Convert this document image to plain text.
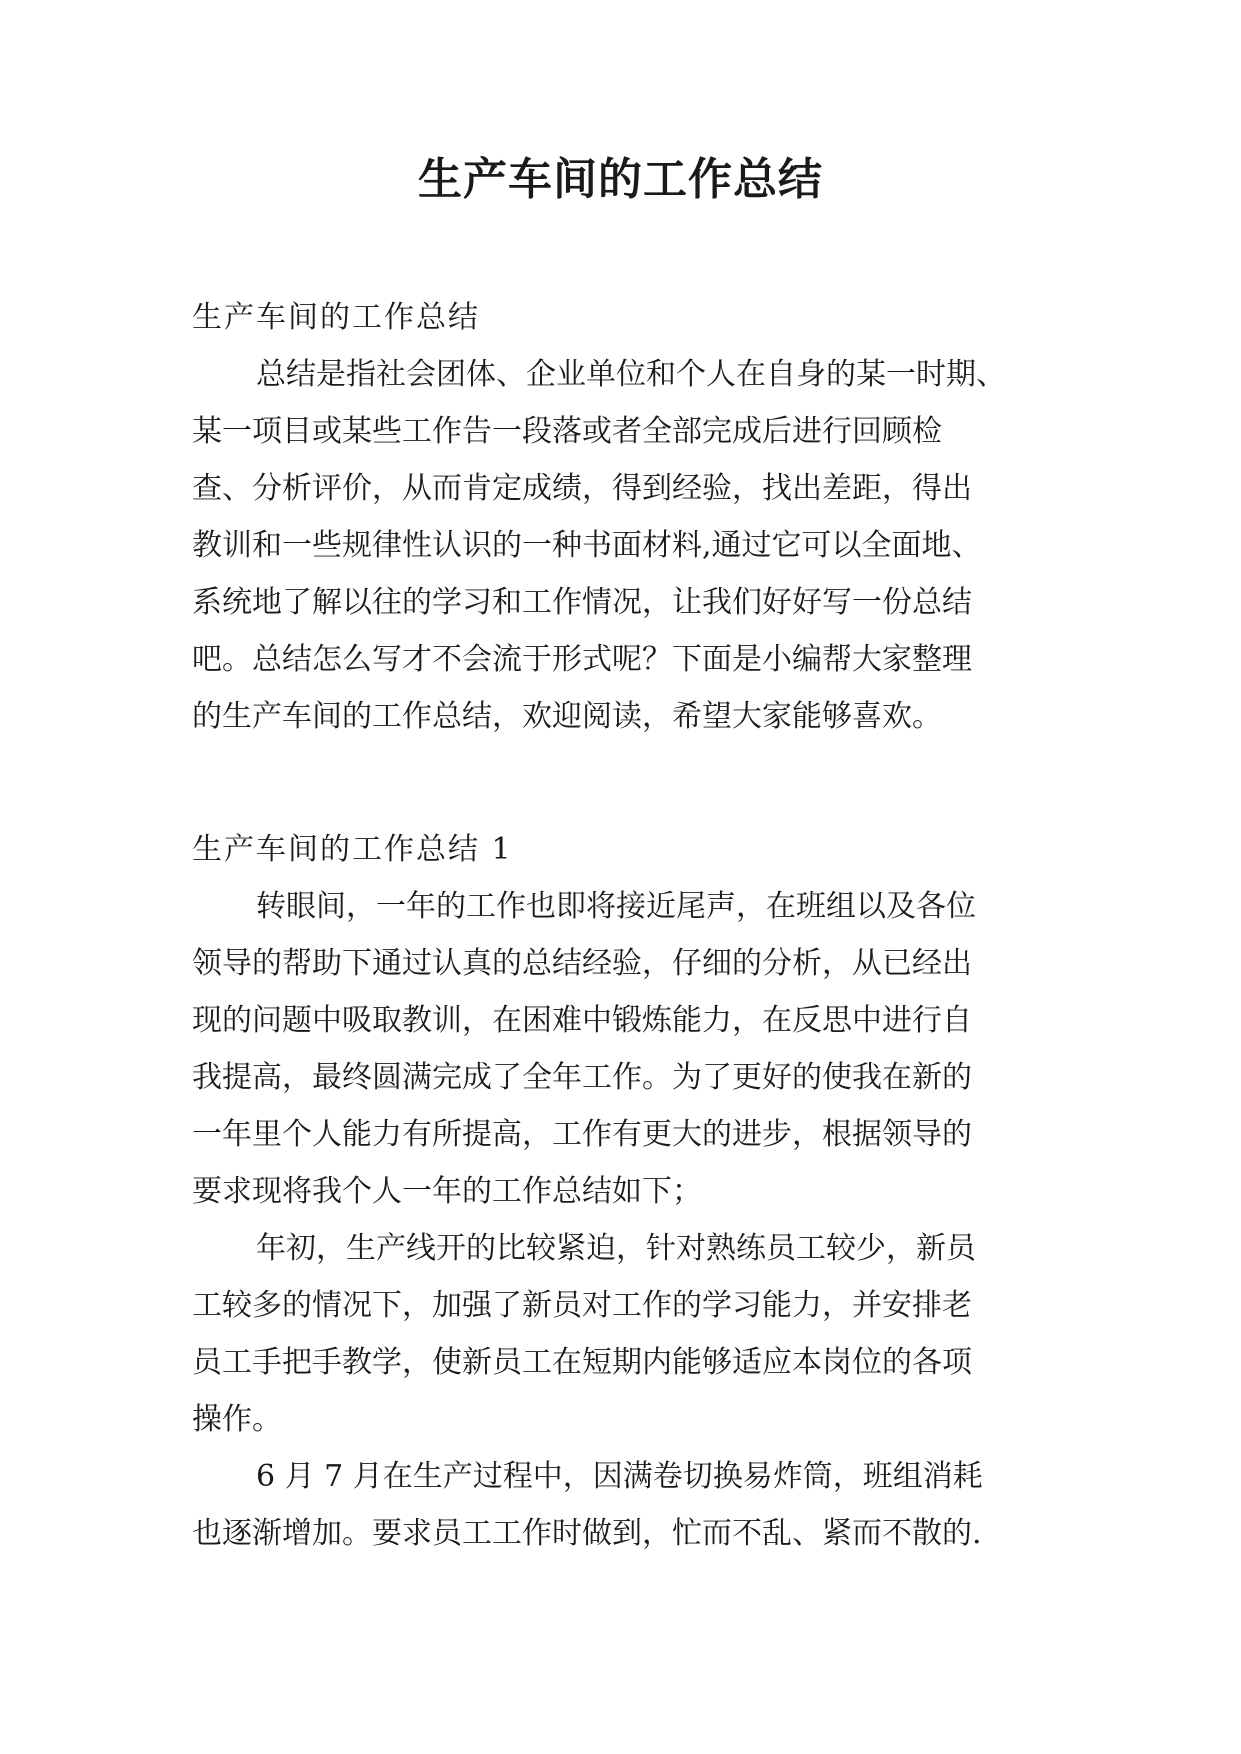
生产车间的工作总结
生产车间的工作总结
总结是指社会团体、企业单位和个人在自身的某一时期、
某一项目或某些工作告一段落或者全部完成后进行回顾检
查、分析评价，从而肯定成绩，得到经验，找出差距，得出
教训和一些规律性认识的一种书面材料,通过它可以全面地、
系统地了解以往的学习和工作情况，让我们好好写一份总结
吧。总结怎么写才不会流于形式呢？下面是小编帮大家整理
的生产车间的工作总结，欢迎阅读，希望大家能够喜欢。
生产车间的工作总结 1
转眼间，一年的工作也即将接近尾声，在班组以及各位
领导的帮助下通过认真的总结经验，仔细的分析，从已经出
现的问题中吸取教训，在困难中锻炼能力，在反思中进行自
我提高，最终圆满完成了全年工作。为了更好的使我在新的
一年里个人能力有所提高，工作有更大的进步，根据领导的
要求现将我个人一年的工作总结如下；
年初，生产线开的比较紧迫，针对熟练员工较少，新员
工较多的情况下，加强了新员对工作的学习能力，并安排老
员工手把手教学，使新员工在短期内能够适应本岗位的各项
操作。
6 月 7 月在生产过程中，因满卷切换易炸筒，班组消耗
也逐渐增加。要求员工工作时做到，忙而不乱、紧而不散的.
